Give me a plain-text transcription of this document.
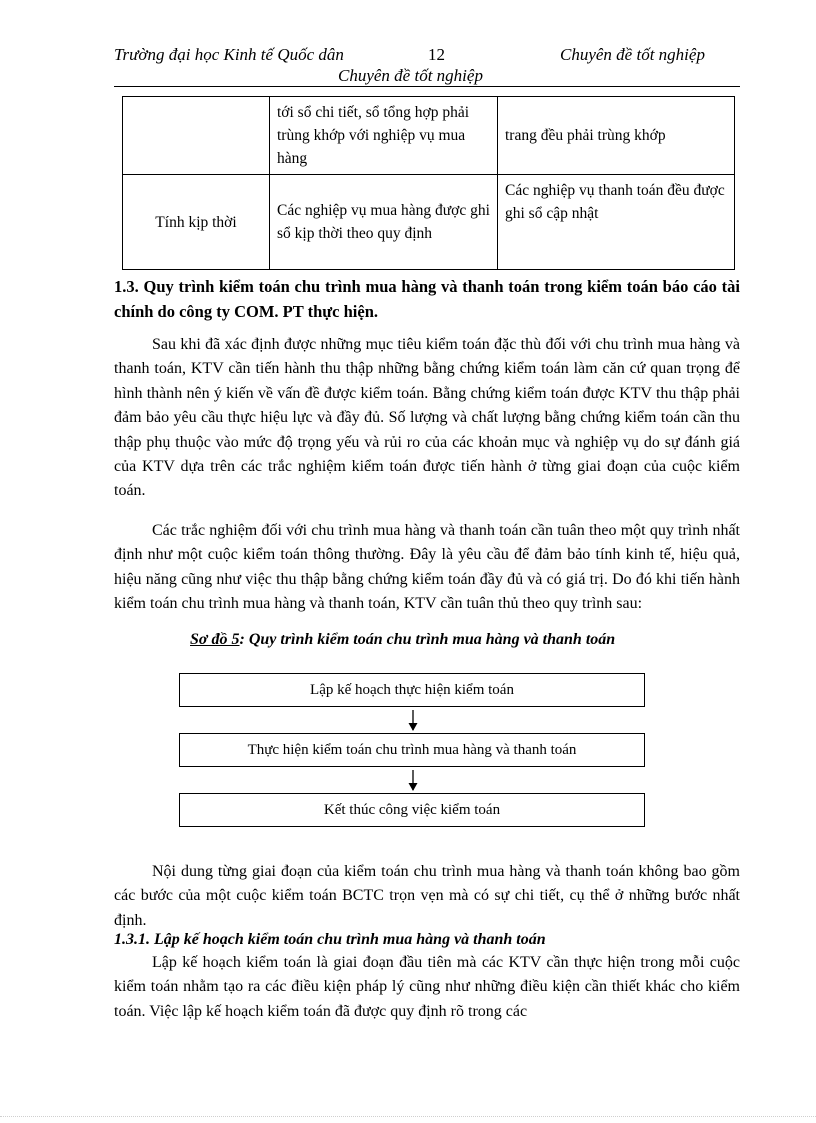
Trường đại học Kinh tế Quốc dân	12	Chuyên đề tốt nghiệp
Chuyên đề tốt nghiệp
	tới sổ chi tiết, sổ tổng hợp phải trùng khớp với nghiệp vụ mua hàng	trang đều phải trùng khớp
Tính kịp thời	Các nghiệp vụ mua hàng được ghi sổ kịp thời theo quy định	Các nghiệp vụ thanh toán đều được ghi sổ cập nhật
1.3. Quy trình kiểm toán chu trình mua hàng và thanh toán trong kiểm toán báo cáo tài chính do công ty COM. PT thực hiện.

Sau khi đã xác định được những mục tiêu kiểm toán đặc thù đối với chu trình mua hàng và thanh toán, KTV cần tiến hành thu thập những bằng chứng kiểm toán làm căn cứ quan trọng để hình thành nên ý kiến về vấn đề được kiểm toán. Bằng chứng kiểm toán được KTV thu thập phải đảm bảo yêu cầu thực hiệu lực và đầy đủ. Số lượng và chất lượng bằng chứng kiểm toán cần thu thập phụ thuộc vào mức độ trọng yếu và rủi ro của các khoản mục và nghiệp vụ do sự đánh giá của KTV dựa trên các trắc nghiệm kiểm toán được tiến hành ở từng giai đoạn của cuộc kiểm toán.

Các trắc nghiệm đối với chu trình mua hàng và thanh toán cần tuân theo một quy trình nhất định như một cuộc kiểm toán thông thường. Đây là yêu cầu để đảm bảo tính kinh tế, hiệu quả, hiệu năng cũng như việc thu thập bằng chứng kiểm toán đầy đủ và có giá trị. Do đó khi tiến hành kiểm toán chu trình mua hàng và thanh toán, KTV cần tuân thủ theo quy trình sau:

Sơ đồ 5: Quy trình kiểm toán chu trình mua hàng và thanh toán
Lập kế hoạch thực hiện kiểm toán
Thực hiện kiểm toán chu trình mua hàng và thanh toán
Kết thúc công việc kiểm toán

Nội dung từng giai đoạn của kiểm toán chu trình mua hàng và thanh toán không bao gồm các bước của một cuộc kiểm toán BCTC trọn vẹn mà có sự chi tiết, cụ thể ở những bước nhất định.

1.3.1. Lập kế hoạch kiểm toán chu trình mua hàng và thanh toán

Lập kế hoạch kiểm toán là giai đoạn đầu tiên mà các KTV cần thực hiện trong mỗi cuộc kiểm toán nhằm tạo ra các điều kiện pháp lý cũng như những điều kiện cần thiết khác cho kiểm toán. Việc lập kế hoạch kiểm toán đã được quy định rõ trong các
